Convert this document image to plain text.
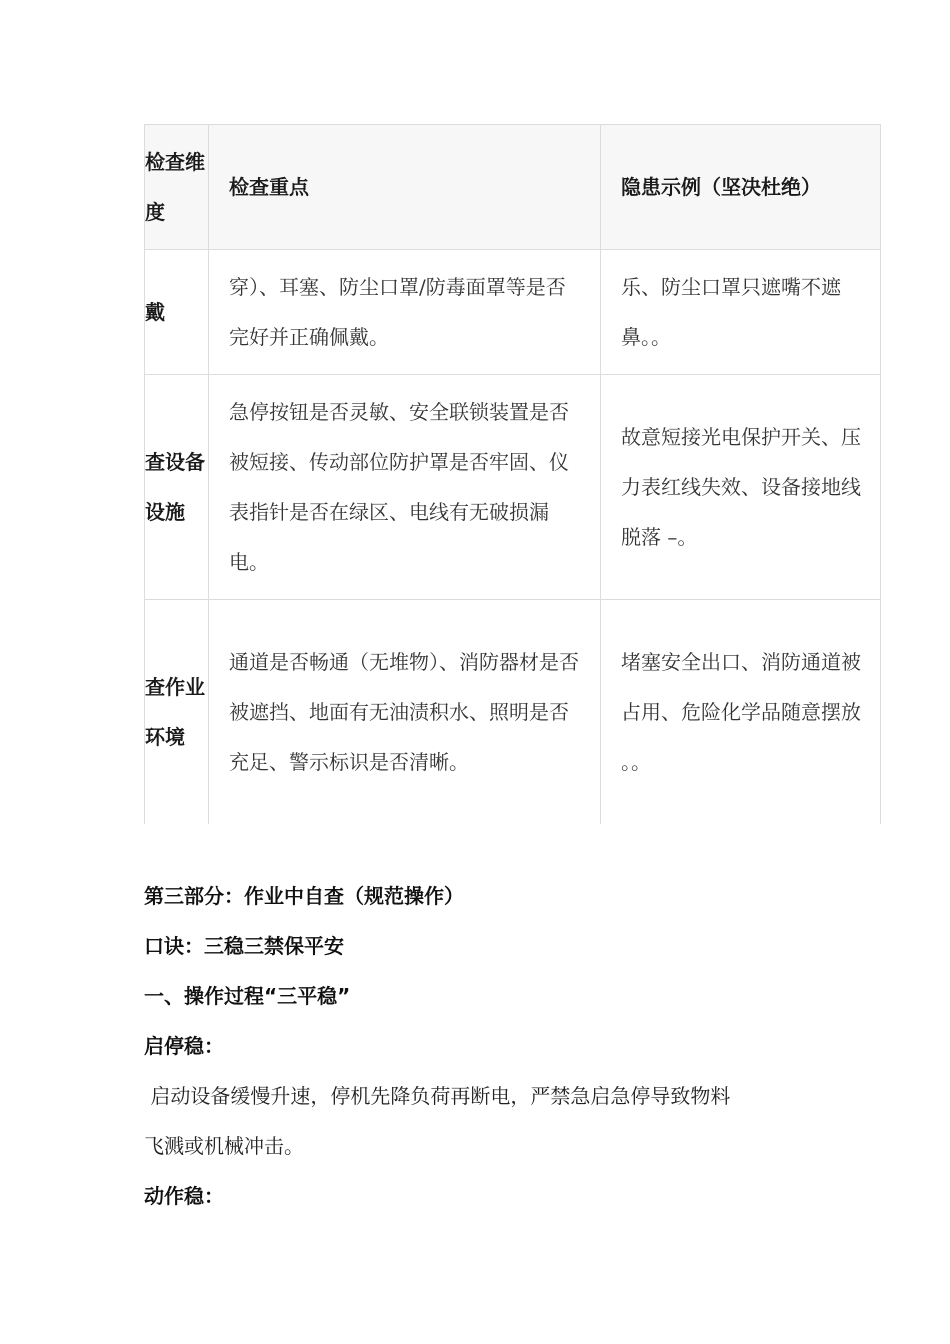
检查维度	检查重点	隐患示例（坚决杜绝）
戴	穿）、耳塞、防尘口罩/防毒面罩等是否完好并正确佩戴。	乐、防尘口罩只遮嘴不遮鼻。。
查设备设施	急停按钮是否灵敏、安全联锁装置是否被短接、传动部位防护罩是否牢固、仪表指针是否在绿区、电线有无破损漏电。	故意短接光电保护开关、压力表红线失效、设备接地线脱落 –。
查作业环境	通道是否畅通（无堆物）、消防器材是否被遮挡、地面有无油渍积水、照明是否充足、警示标识是否清晰。	堵塞安全出口、消防通道被占用、危险化学品随意摆放 。。
第三部分：作业中自查（规范操作）
口诀：三稳三禁保平安
一、操作过程“三平稳”
启停稳：
启动设备缓慢升速，停机先降负荷再断电，严禁急启急停导致物料
飞溅或机械冲击。
动作稳：
